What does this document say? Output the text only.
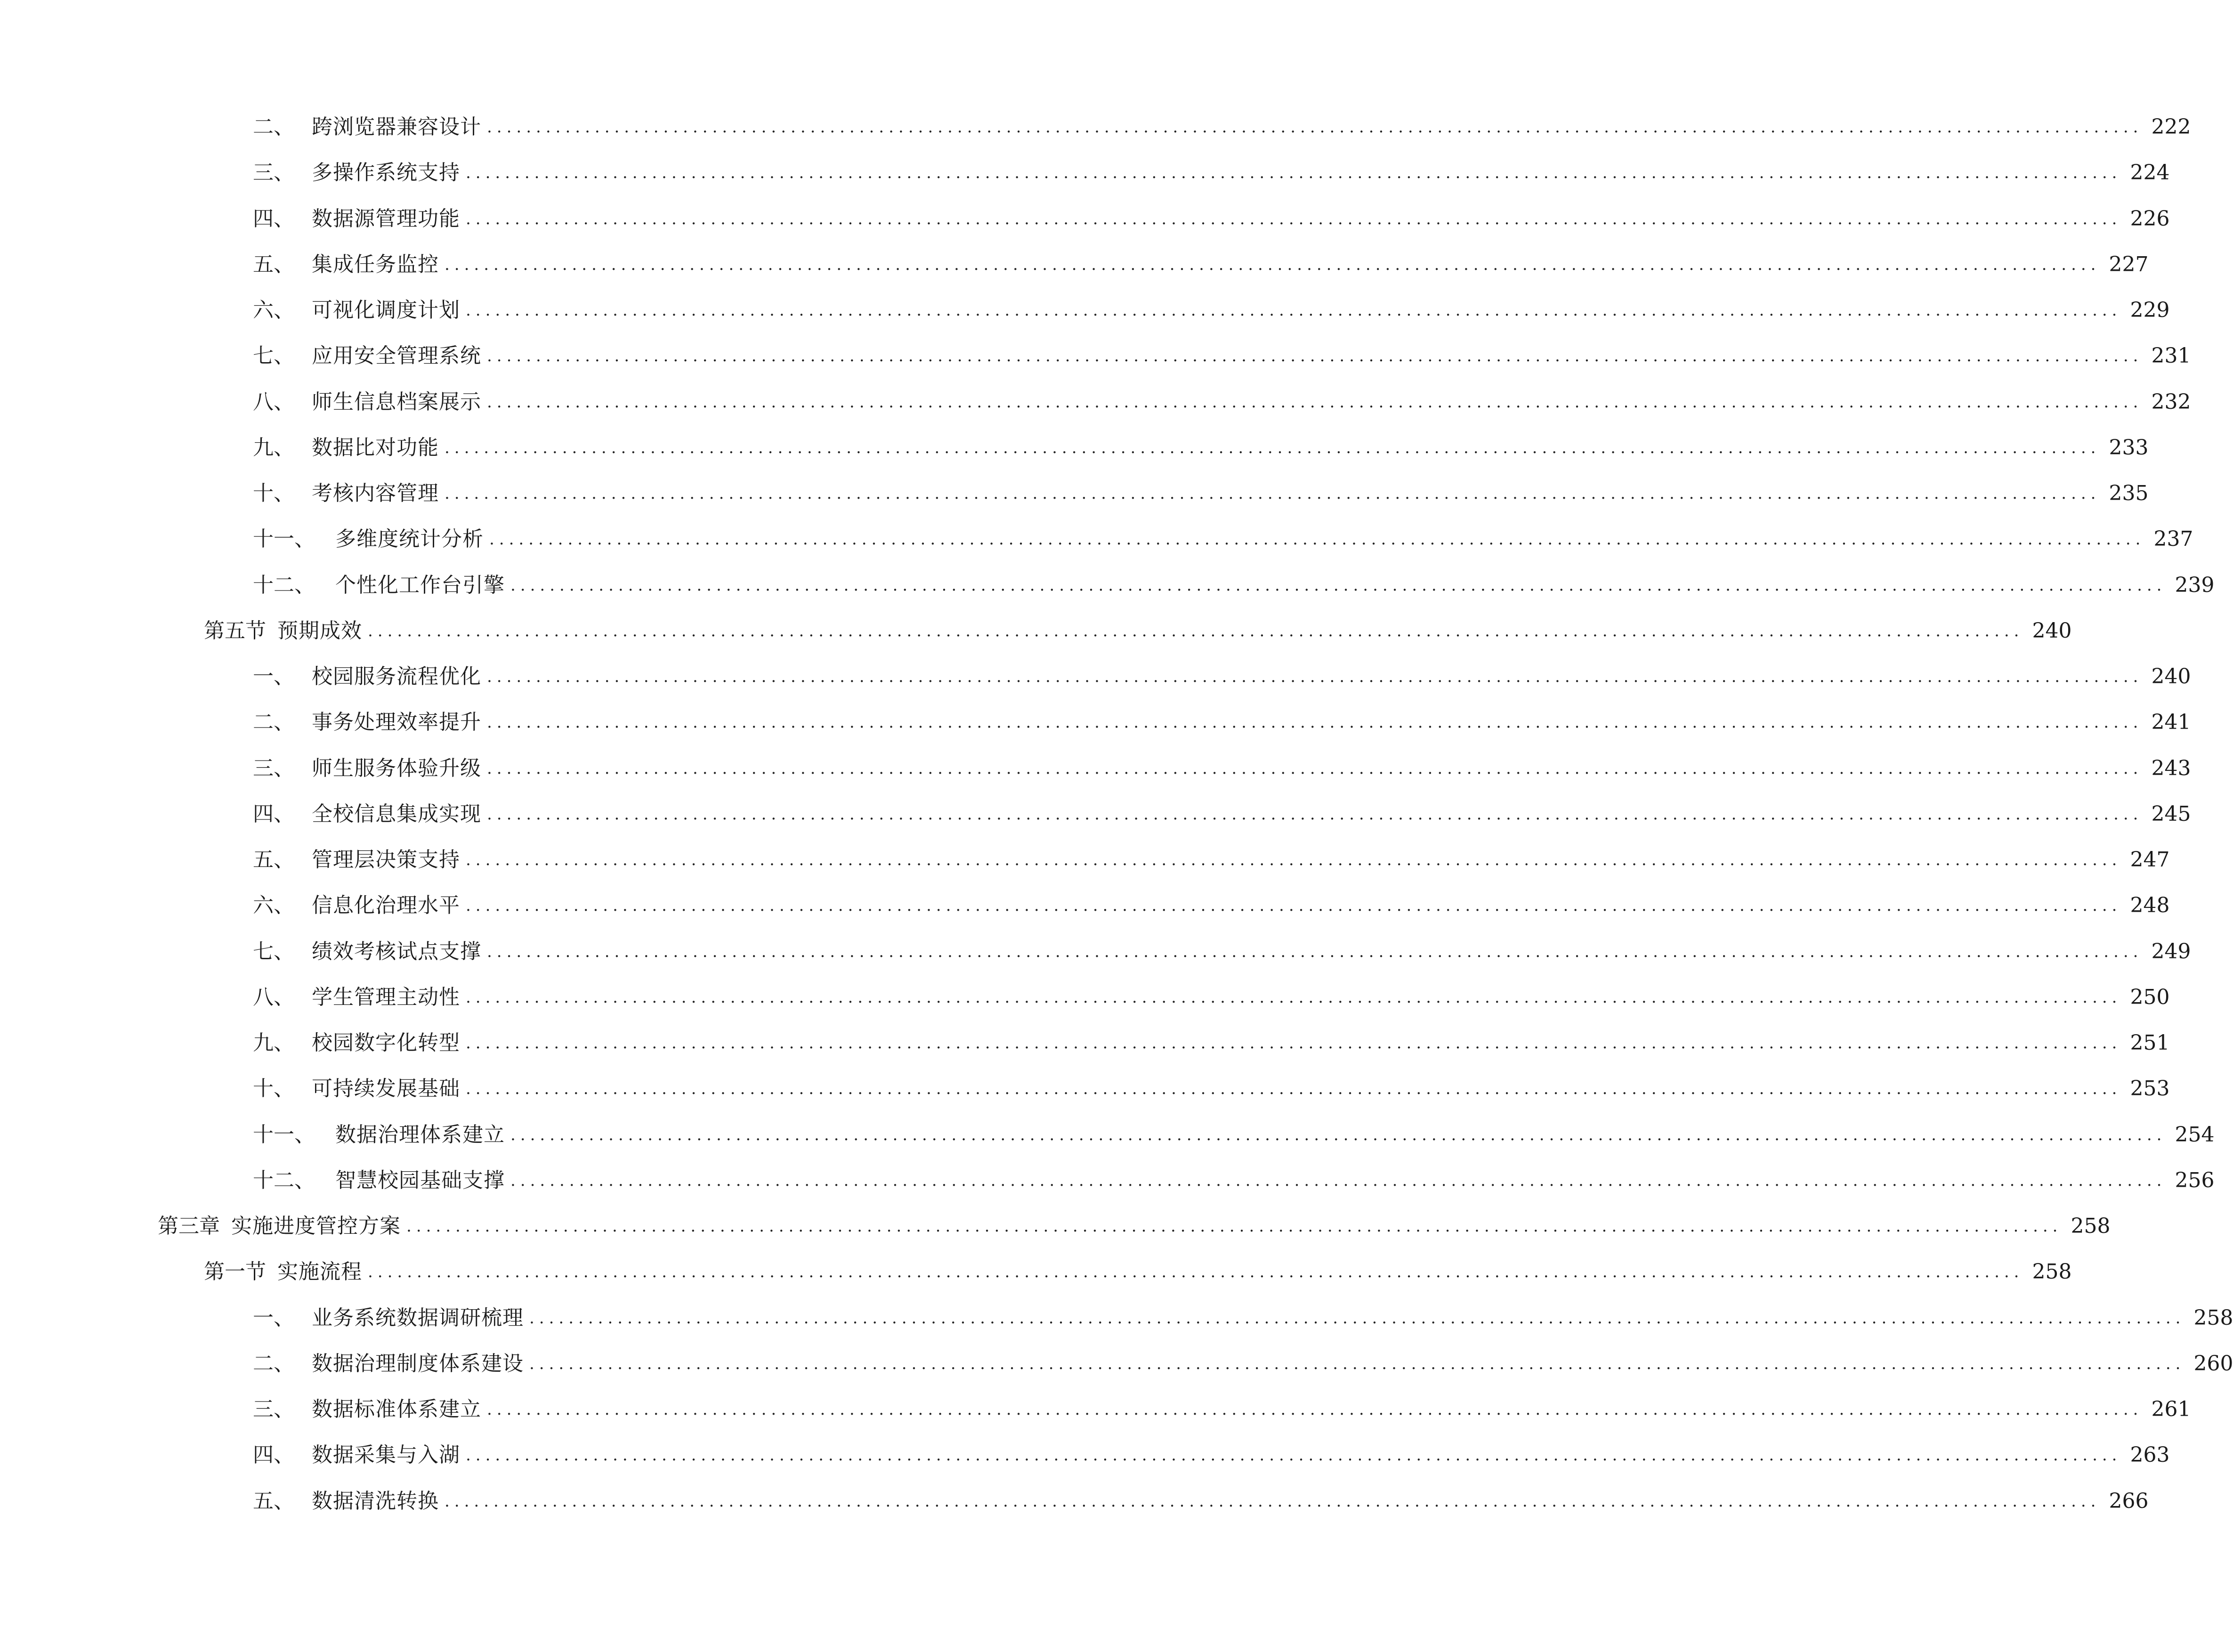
二、 跨浏览器兼容设计 ......................................................................................................................................................................... 222
三、 多操作系统支持 ......................................................................................................................................................................... 224
四、 数据源管理功能 ......................................................................................................................................................................... 226
五、 集成任务监控 ......................................................................................................................................................................... 227
六、 可视化调度计划 ......................................................................................................................................................................... 229
七、 应用安全管理系统 ......................................................................................................................................................................... 231
八、 师生信息档案展示 ......................................................................................................................................................................... 232
九、 数据比对功能 ......................................................................................................................................................................... 233
十、 考核内容管理 ......................................................................................................................................................................... 235
十一、 多维度统计分析 ......................................................................................................................................................................... 237
十二、 个性化工作台引擎 ......................................................................................................................................................................... 239
第五节 预期成效 ......................................................................................................................................................................... 240
一、 校园服务流程优化 ......................................................................................................................................................................... 240
二、 事务处理效率提升 ......................................................................................................................................................................... 241
三、 师生服务体验升级 ......................................................................................................................................................................... 243
四、 全校信息集成实现 ......................................................................................................................................................................... 245
五、 管理层决策支持 ......................................................................................................................................................................... 247
六、 信息化治理水平 ......................................................................................................................................................................... 248
七、 绩效考核试点支撑 ......................................................................................................................................................................... 249
八、 学生管理主动性 ......................................................................................................................................................................... 250
九、 校园数字化转型 ......................................................................................................................................................................... 251
十、 可持续发展基础 ......................................................................................................................................................................... 253
十一、 数据治理体系建立 ......................................................................................................................................................................... 254
十二、 智慧校园基础支撑 ......................................................................................................................................................................... 256
第三章 实施进度管控方案 ......................................................................................................................................................................... 258
第一节 实施流程 ......................................................................................................................................................................... 258
一、 业务系统数据调研梳理 ......................................................................................................................................................................... 258
二、 数据治理制度体系建设 ......................................................................................................................................................................... 260
三、 数据标准体系建立 ......................................................................................................................................................................... 261
四、 数据采集与入湖 ......................................................................................................................................................................... 263
五、 数据清洗转换 ......................................................................................................................................................................... 266
